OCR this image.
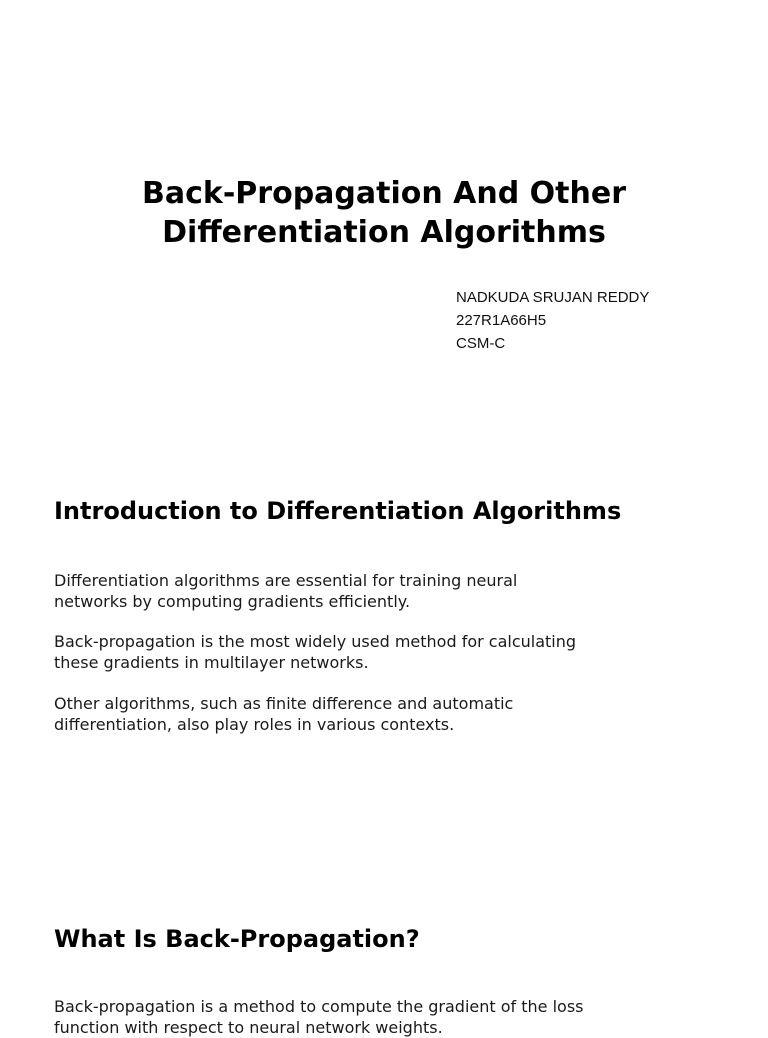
Back-Propagation And Other
Differentiation Algorithms
NADKUDA SRUJAN REDDY
227R1A66H5
CSM-C
Introduction to Differentiation Algorithms

Differentiation algorithms are essential for training neural
networks by computing gradients efficiently.

Back-propagation is the most widely used method for calculating
these gradients in multilayer networks.

Other algorithms, such as finite difference and automatic
differentiation, also play roles in various contexts.

What Is Back-Propagation?

Back-propagation is a method to compute the gradient of the loss
function with respect to neural network weights.
